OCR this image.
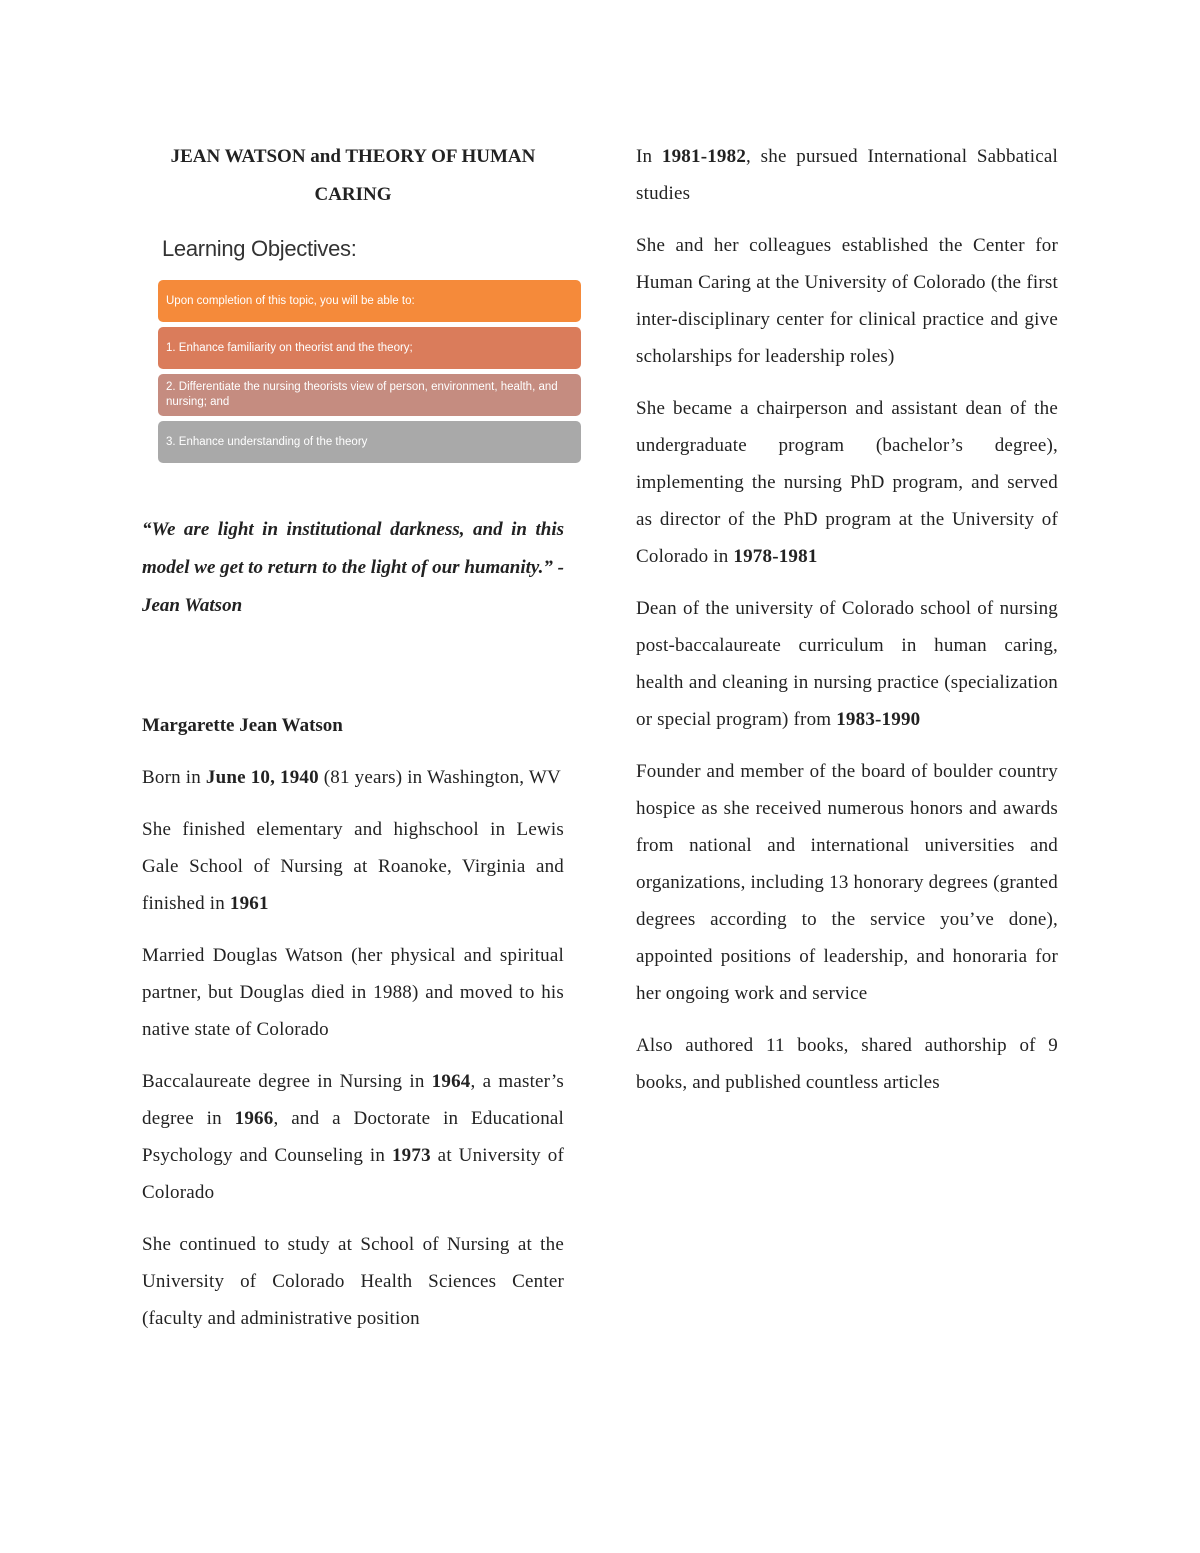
JEAN WATSON and THEORY OF HUMAN CARING
Learning Objectives:
Upon completion of this topic, you will be able to:
1. Enhance familiarity on theorist and the theory;
2. Differentiate the nursing theorists view of person, environment, health, and nursing; and
3. Enhance understanding of the theory
“We are light in institutional darkness, and in this model we get to return to the light of our humanity.” -Jean Watson
Margarette Jean Watson

Born in June 10, 1940 (81 years) in Washington, WV

She finished elementary and highschool in Lewis Gale School of Nursing at Roanoke, Virginia and finished in 1961

Married Douglas Watson (her physical and spiritual partner, but Douglas died in 1988) and moved to his native state of Colorado

Baccalaureate degree in Nursing in 1964, a master’s degree in 1966, and a Doctorate in Educational Psychology and Counseling in 1973 at University of Colorado

She continued to study at School of Nursing at the University of Colorado Health Sciences Center (faculty and administrative position

In 1981-1982, she pursued International Sabbatical studies

She and her colleagues established the Center for Human Caring at the University of Colorado (the first inter-disciplinary center for clinical practice and give scholarships for leadership roles)

She became a chairperson and assistant dean of the undergraduate program (bachelor’s degree), implementing the nursing PhD program, and served as director of the PhD program at the University of Colorado in 1978-1981

Dean of the university of Colorado school of nursing post-baccalaureate curriculum in human caring, health and cleaning in nursing practice (specialization or special program) from 1983-1990

Founder and member of the board of boulder country hospice as she received numerous honors and awards from national and international universities and organizations, including 13 honorary degrees (granted degrees according to the service you’ve done), appointed positions of leadership, and honoraria for her ongoing work and service

Also authored 11 books, shared authorship of 9 books, and published countless articles
